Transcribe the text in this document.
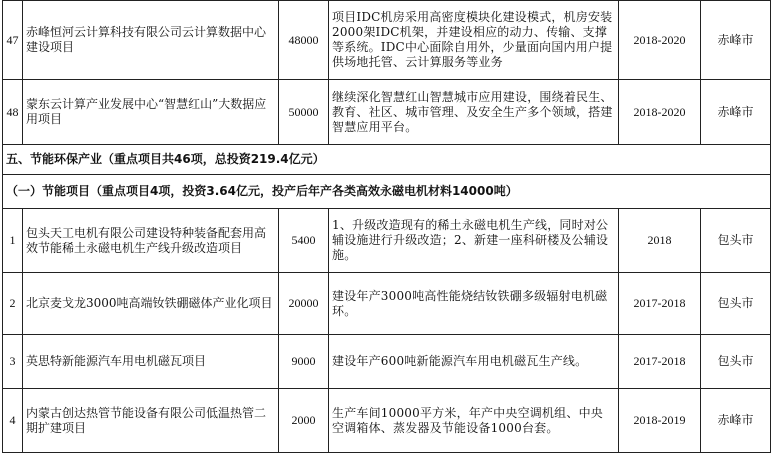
47	赤峰恒河云计算科技有限公司云计算数据中心建设项目	48000	项目IDC机房采用高密度模块化建设模式，机房安装2000架IDC机架，并建设相应的动力、传输、支撑等系统。IDC中心面除自用外，少量面向国内用户提供场地托管、云计算服务等业务	2018-2020	赤峰市
48	蒙东云计算产业发展中心“智慧红山”大数据应用项目	50000	继续深化智慧红山智慧城市应用建设，围绕着民生、教育、社区、城市管理、及安全生产多个领域，搭建智慧应用平台。	2018-2020	赤峰市
五、节能环保产业（重点项目共46项，总投资219.4亿元）					
（一）节能项目（重点项目4项，投资3.64亿元，投产后年产各类高效永磁电机材料14000吨）					
1	包头天工电机有限公司建设特种装备配套用高效节能稀土永磁电机生产线升级改造项目	5400	1、升级改造现有的稀土永磁电机生产线，同时对公辅设施进行升级改造；2、新建一座科研楼及公辅设施。	2018	包头市
2	北京麦戈龙3000吨高端钕铁硼磁体产业化项目	20000	建设年产3000吨高性能烧结钕铁硼多级辐射电机磁环。	2017-2018	包头市
3	英思特新能源汽车用电机磁瓦项目	9000	建设年产600吨新能源汽车用电机磁瓦生产线。	2017-2018	包头市
4	内蒙古创达热管节能设备有限公司低温热管二期扩建项目	2000	生产车间10000平方米，年产中央空调机组、中央空调箱体、蒸发器及节能设备1000台套。	2018-2019	赤峰市
